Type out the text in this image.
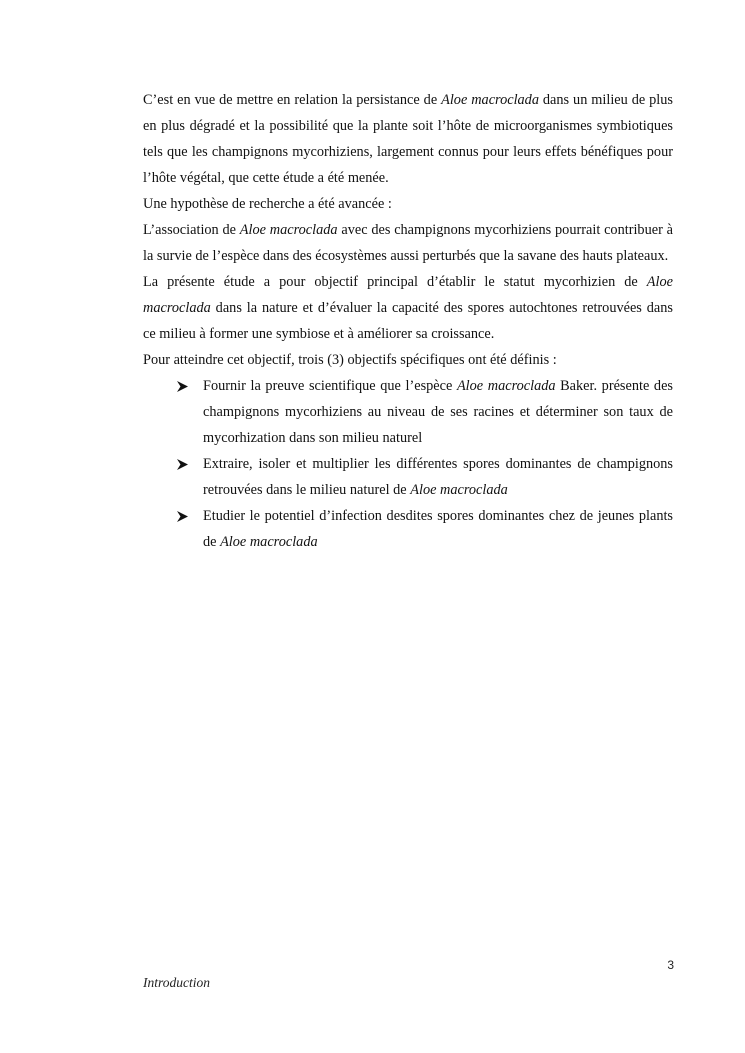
C’est en vue de mettre en relation la persistance de Aloe macroclada dans un milieu de plus en plus dégradé et la possibilité que la plante soit l’hôte de microorganismes symbiotiques tels que les champignons mycorhiziens, largement connus pour leurs effets bénéfiques pour l’hôte végétal, que cette étude a été menée.

Une hypothèse de recherche a été avancée :

L’association de Aloe macroclada avec des champignons mycorhiziens pourrait contribuer à la survie de l’espèce dans des écosystèmes aussi perturbés que la savane des hauts plateaux.

La présente étude a pour objectif principal d’établir le statut mycorhizien de Aloe macroclada dans la nature et d’évaluer la capacité des spores autochtones retrouvées dans ce milieu à former une symbiose et à améliorer sa croissance.

Pour atteindre cet objectif, trois (3) objectifs spécifiques ont été définis :

Fournir la preuve scientifique que l’espèce Aloe macroclada Baker. présente des champignons mycorhiziens au niveau de ses racines et déterminer son taux de mycorhization dans son milieu naturel
Extraire, isoler et multiplier les différentes spores dominantes de champignons retrouvées dans le milieu naturel de Aloe macroclada
Etudier le potentiel d’infection desdites spores dominantes chez de jeunes plants de Aloe macroclada
3
Introduction
